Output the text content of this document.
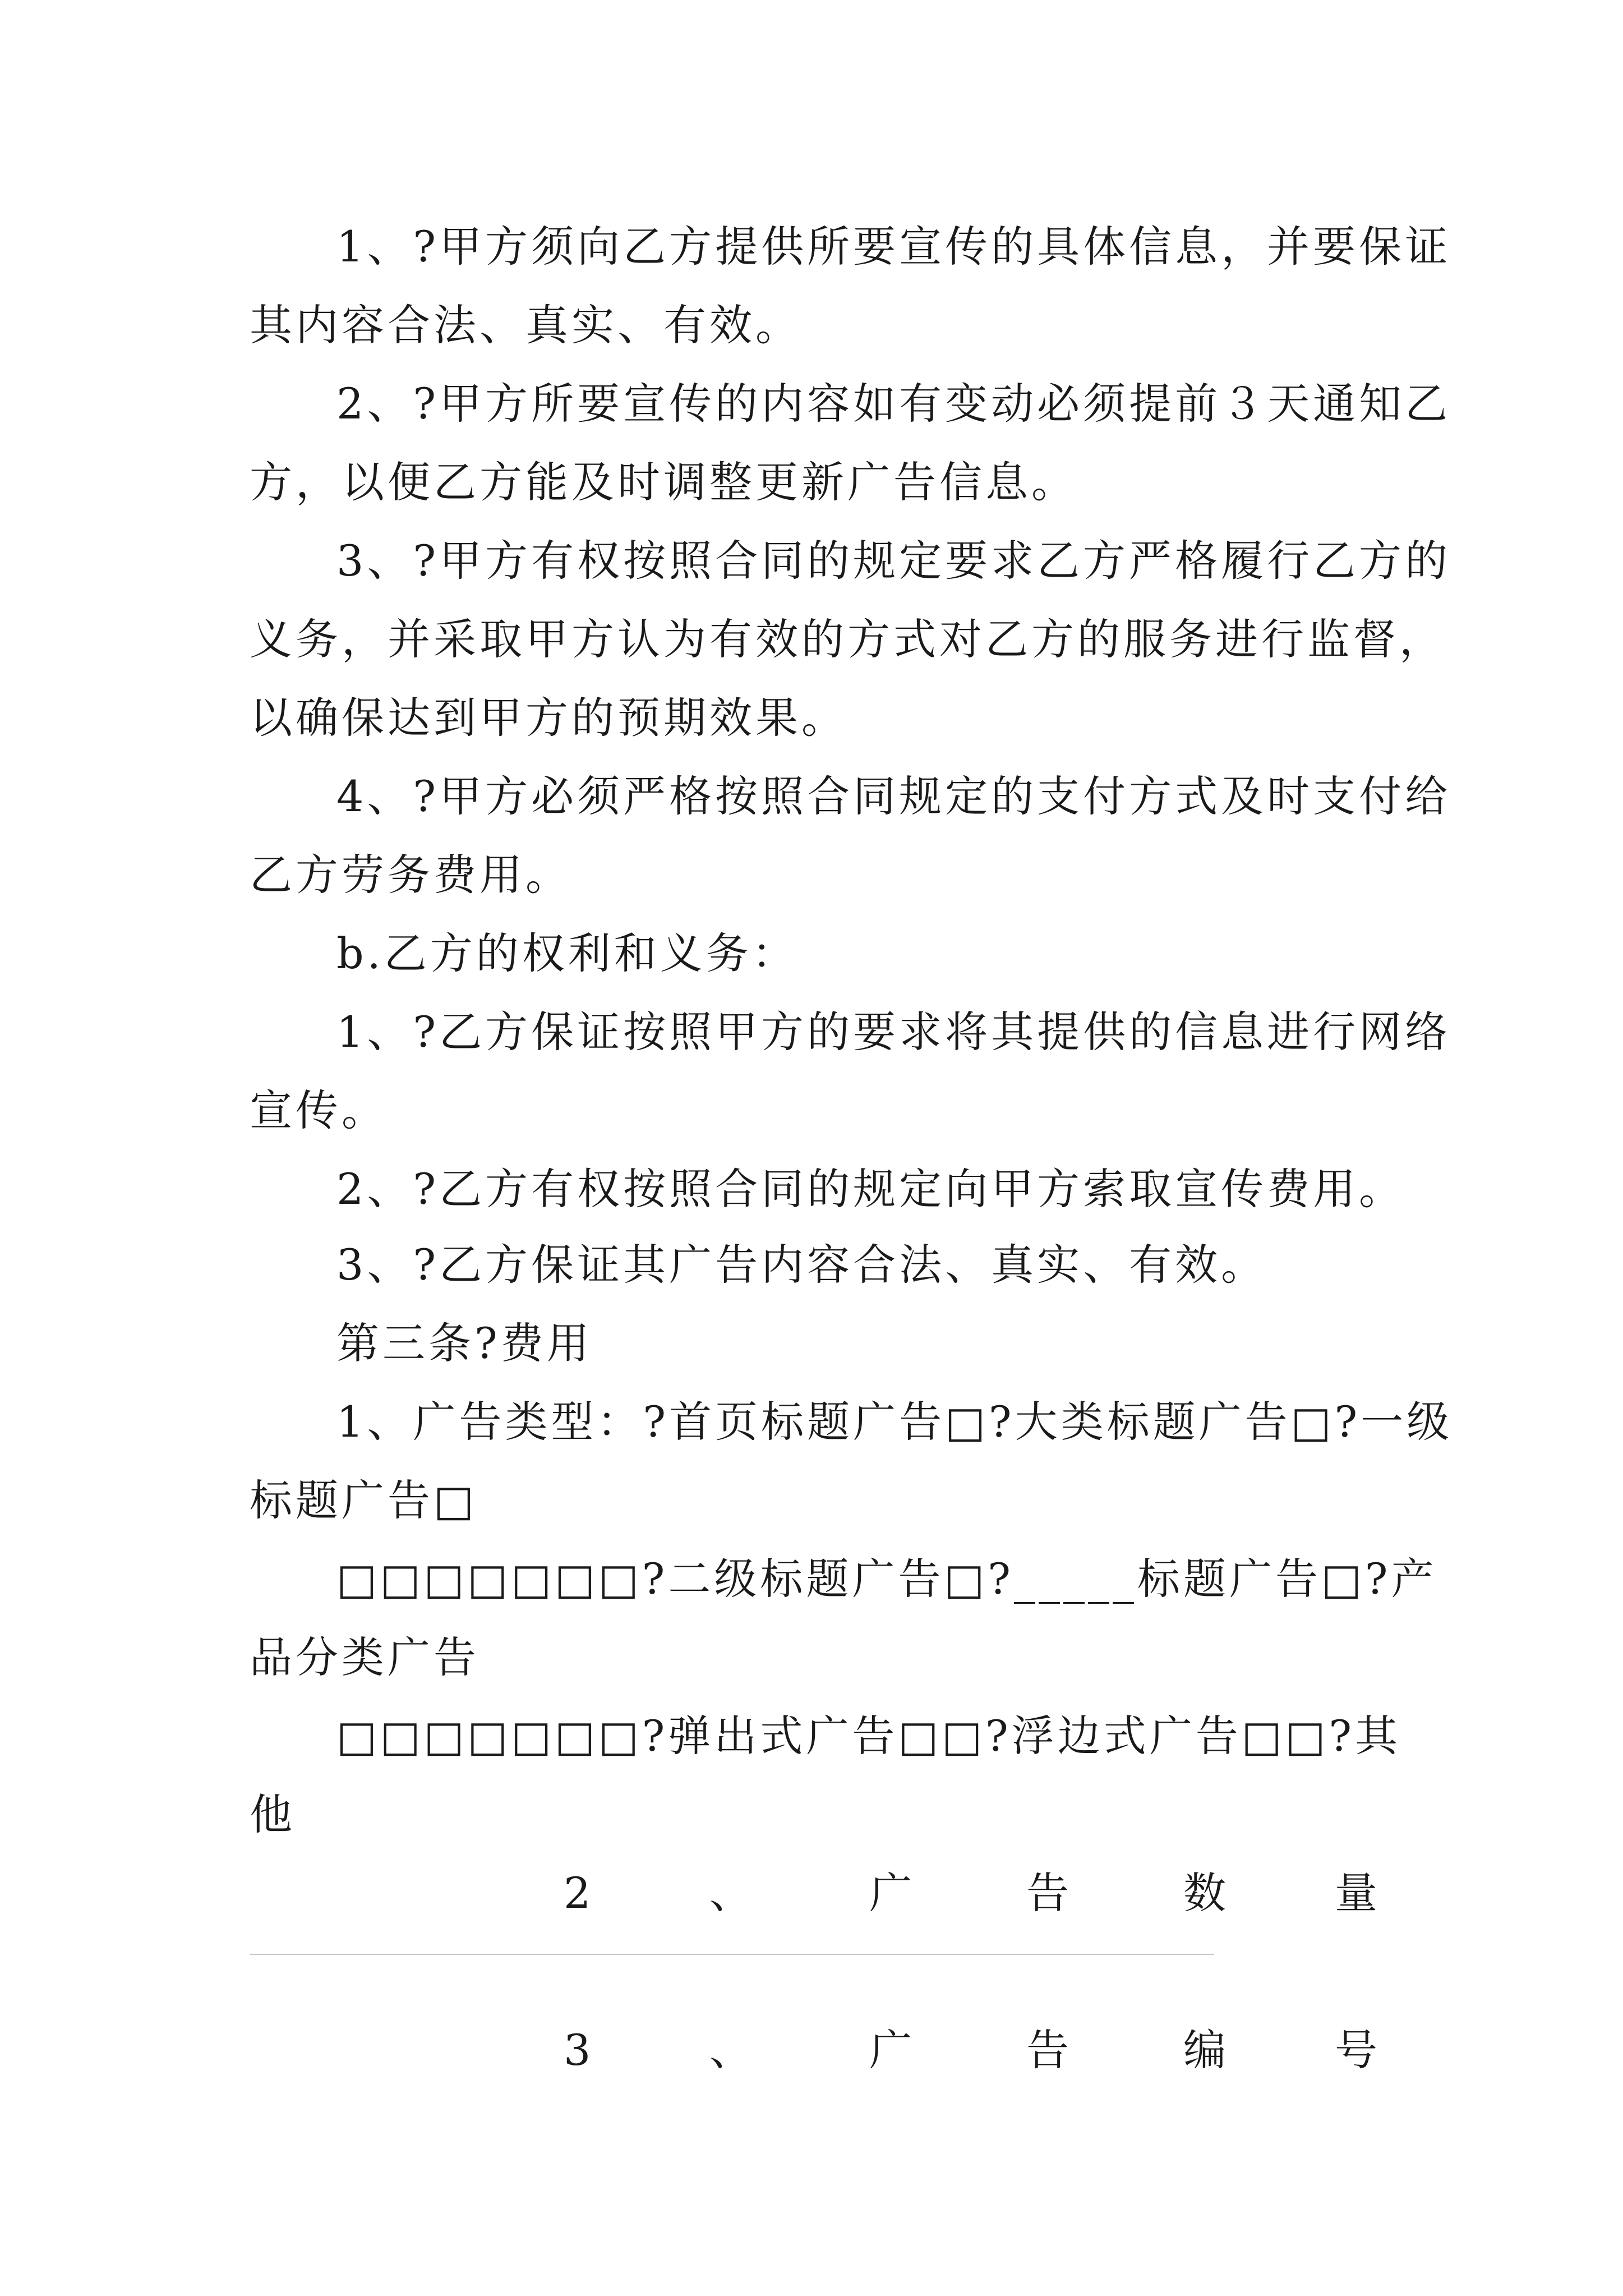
1、?甲方须向乙方提供所要宣传的具体信息，并要保证
其内容合法、真实、有效。
2、?甲方所要宣传的内容如有变动必须提前３天通知乙
方，以便乙方能及时调整更新广告信息。
3、?甲方有权按照合同的规定要求乙方严格履行乙方的
义务，并采取甲方认为有效的方式对乙方的服务进行监督，
以确保达到甲方的预期效果。
4、?甲方必须严格按照合同规定的支付方式及时支付给
乙方劳务费用。
b.乙方的权利和义务：
1、?乙方保证按照甲方的要求将其提供的信息进行网络
宣传。
2、?乙方有权按照合同的规定向甲方索取宣传费用。
3、?乙方保证其广告内容合法、真实、有效。
第三条?费用
1、广告类型：?首页标题广告□?大类标题广告□?一级
标题广告□
□□□□□□□?二级标题广告□?_____标题广告□?产
品分类广告
□□□□□□□?弹出式广告□□?浮边式广告□□?其
他
2	、	广	告	数	量
3	、	广	告	编	号
